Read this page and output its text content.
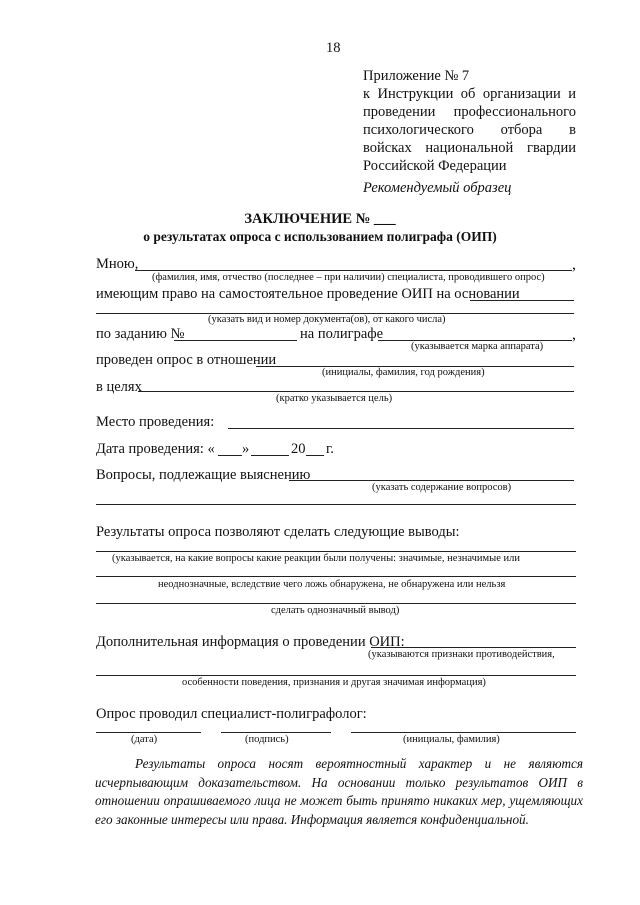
18
Приложение № 7
к Инструкции об организации и
проведении профессионального
психологического отбора в
войсках национальной гвардии
Российской Федерации
Рекомендуемый образец
ЗАКЛЮЧЕНИЕ № ___
о результатах опроса с использованием полиграфа (ОИП)
Мною,	,
(фамилия, имя, отчество (последнее – при наличии) специалиста, проводившего опрос)
имеющим право на самостоятельное проведение ОИП на основании
(указать вид и номер документа(ов), от какого числа)
по заданию №	на полиграфе	,
(указывается марка аппарата)
проведен опрос в отношении
(инициалы, фамилия, год рождения)
в целях
(кратко указывается цель)
Место проведения:
Дата проведения: « »	20 г.
Вопросы, подлежащие выяснению
(указать содержание вопросов)
Результаты опроса позволяют сделать следующие выводы:
(указывается, на какие вопросы какие реакции были получены: значимые, незначимые или
неоднозначные, вследствие чего ложь обнаружена, не обнаружена или нельзя
сделать однозначный вывод)
Дополнительная информация о проведении ОИП:
(указываются признаки противодействия,
особенности поведения, признания и другая значимая информация)
Опрос проводил специалист-полиграфолог:
(дата)	(подпись)	(инициалы, фамилия)
Результаты опроса носят вероятностный характер и не являются исчерпывающим доказательством. На основании только результатов ОИП в отношении опрашиваемого лица не может быть принято никаких мер, ущемляющих его законные интересы или права. Информация является конфиденциальной.
